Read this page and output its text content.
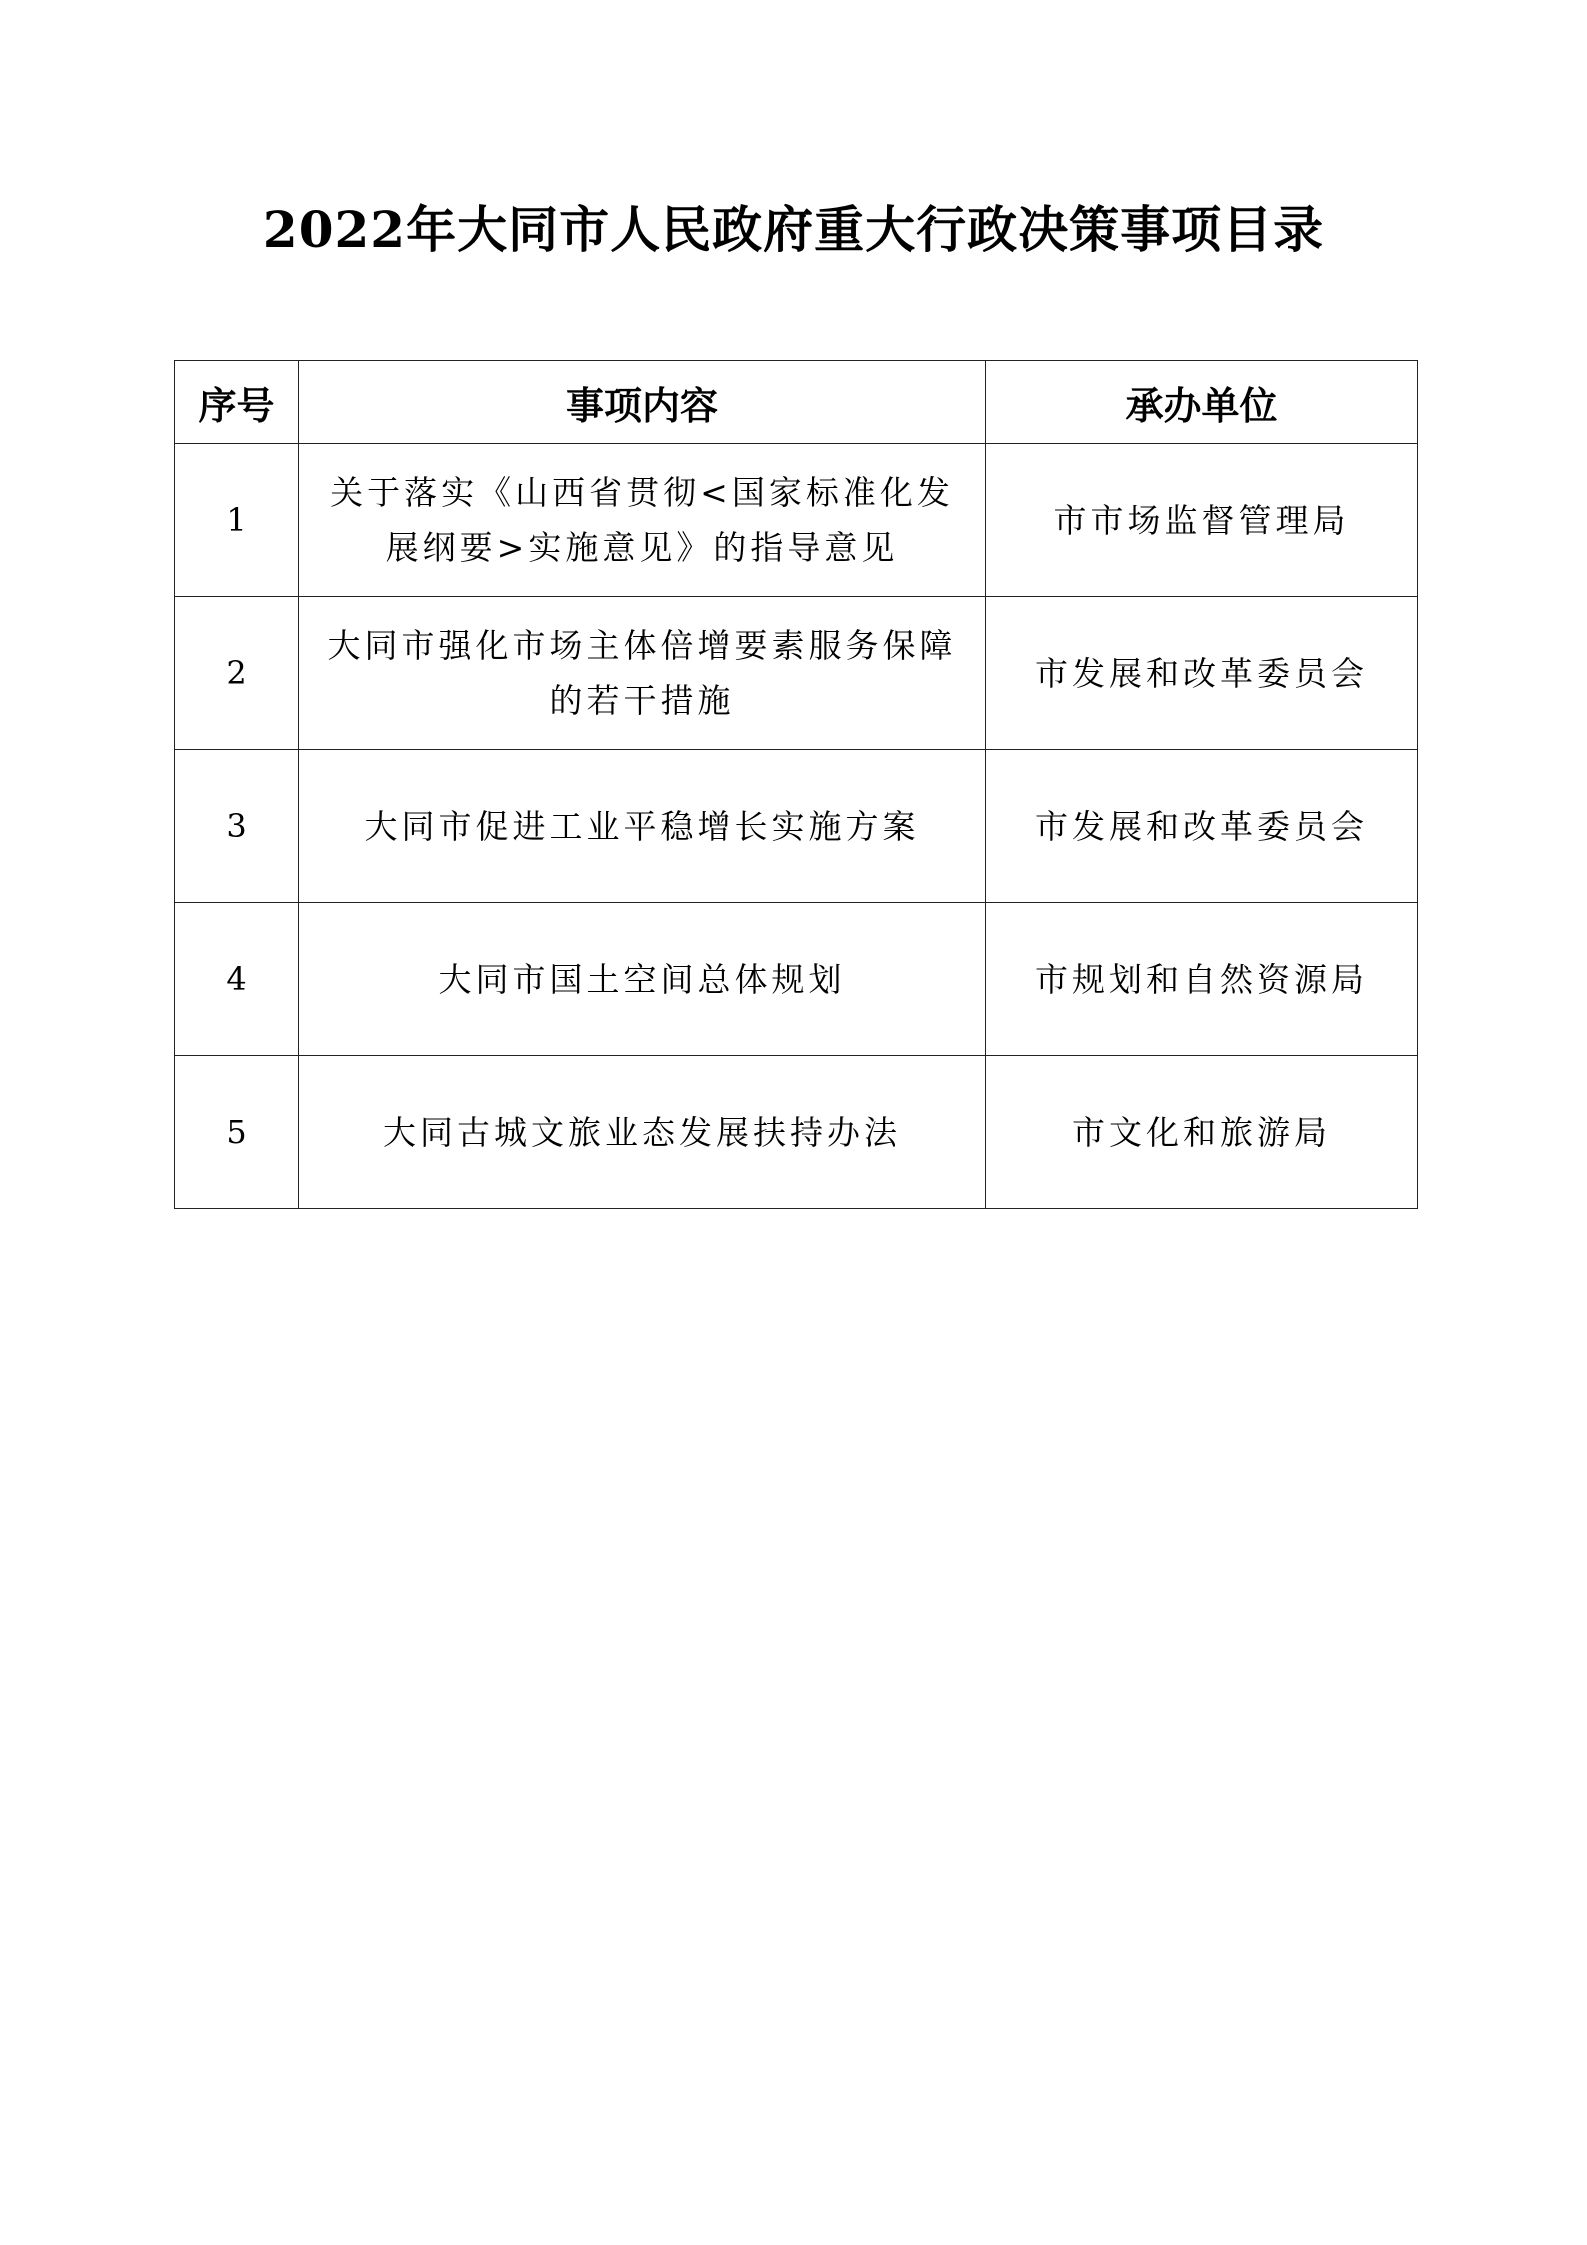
2022年大同市人民政府重大行政决策事项目录
序号	事项内容	承办单位
1	关于落实《山西省贯彻<国家标准化发展纲要>实施意见》的指导意见	市市场监督管理局
2	大同市强化市场主体倍增要素服务保障的若干措施	市发展和改革委员会
3	大同市促进工业平稳增长实施方案	市发展和改革委员会
4	大同市国土空间总体规划	市规划和自然资源局
5	大同古城文旅业态发展扶持办法	市文化和旅游局
